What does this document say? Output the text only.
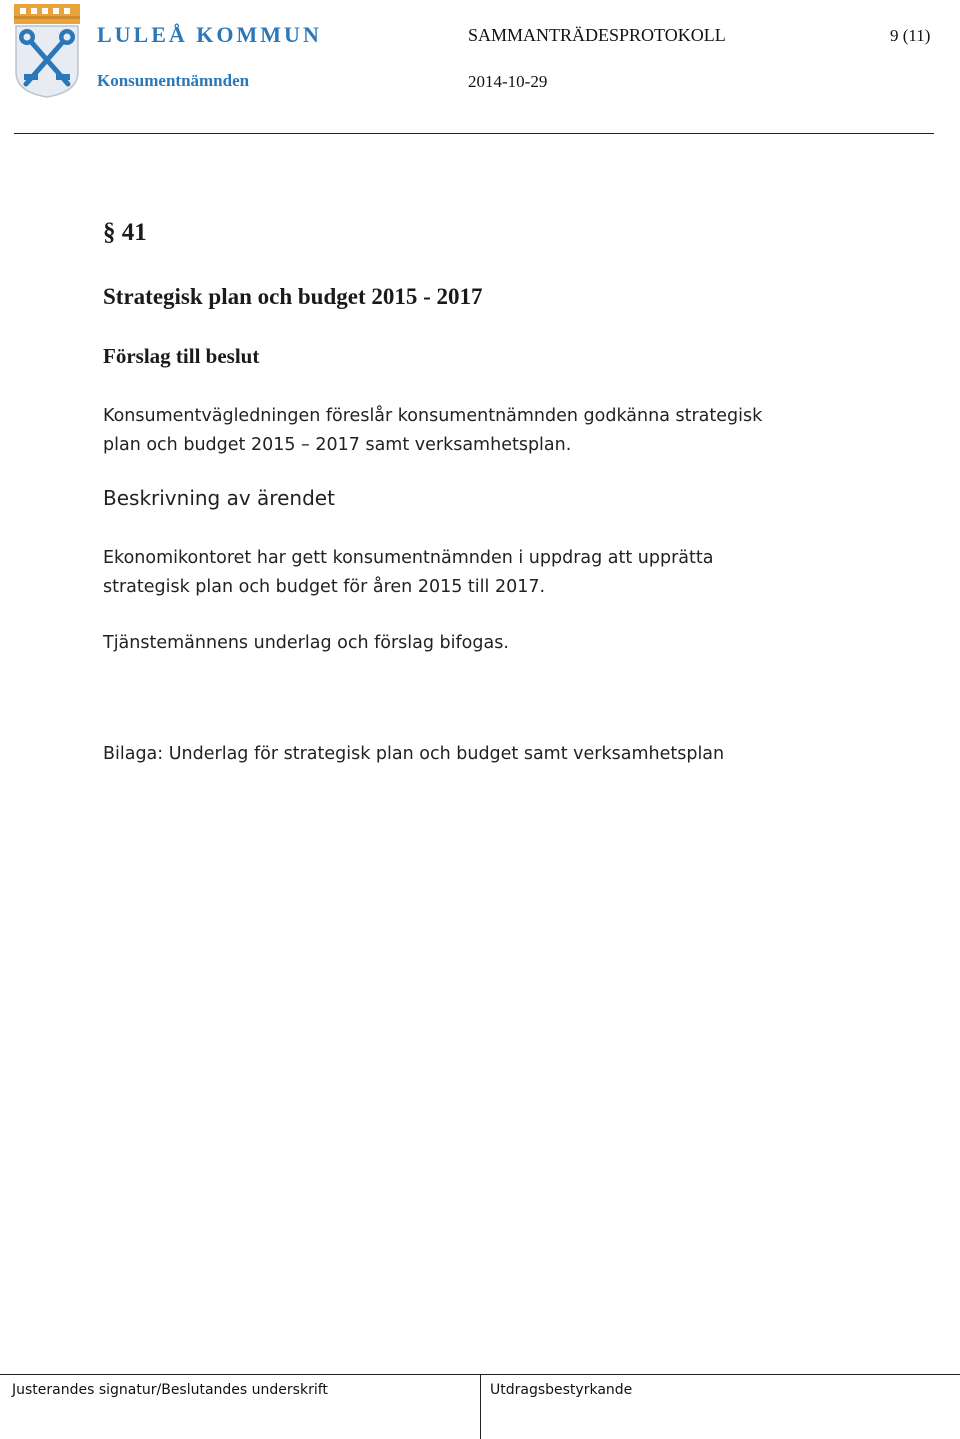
LULEÅ KOMMUN
Konsumentnämnden
SAMMANTRÄDESPROTOKOLL	9 (11)
2014-10-29
§ 41
Strategisk plan och budget 2015 - 2017
Förslag till beslut
Konsumentvägledningen föreslår konsumentnämnden godkänna strategisk plan och budget 2015 – 2017 samt verksamhetsplan.
Beskrivning av ärendet
Ekonomikontoret har gett konsumentnämnden i uppdrag att upprätta strategisk plan och budget för åren 2015 till 2017.
Tjänstemännens underlag och förslag bifogas.
Bilaga: Underlag för strategisk plan och budget samt verksamhetsplan
Justerandes signatur/Beslutandes underskrift	Utdragsbestyrkande
